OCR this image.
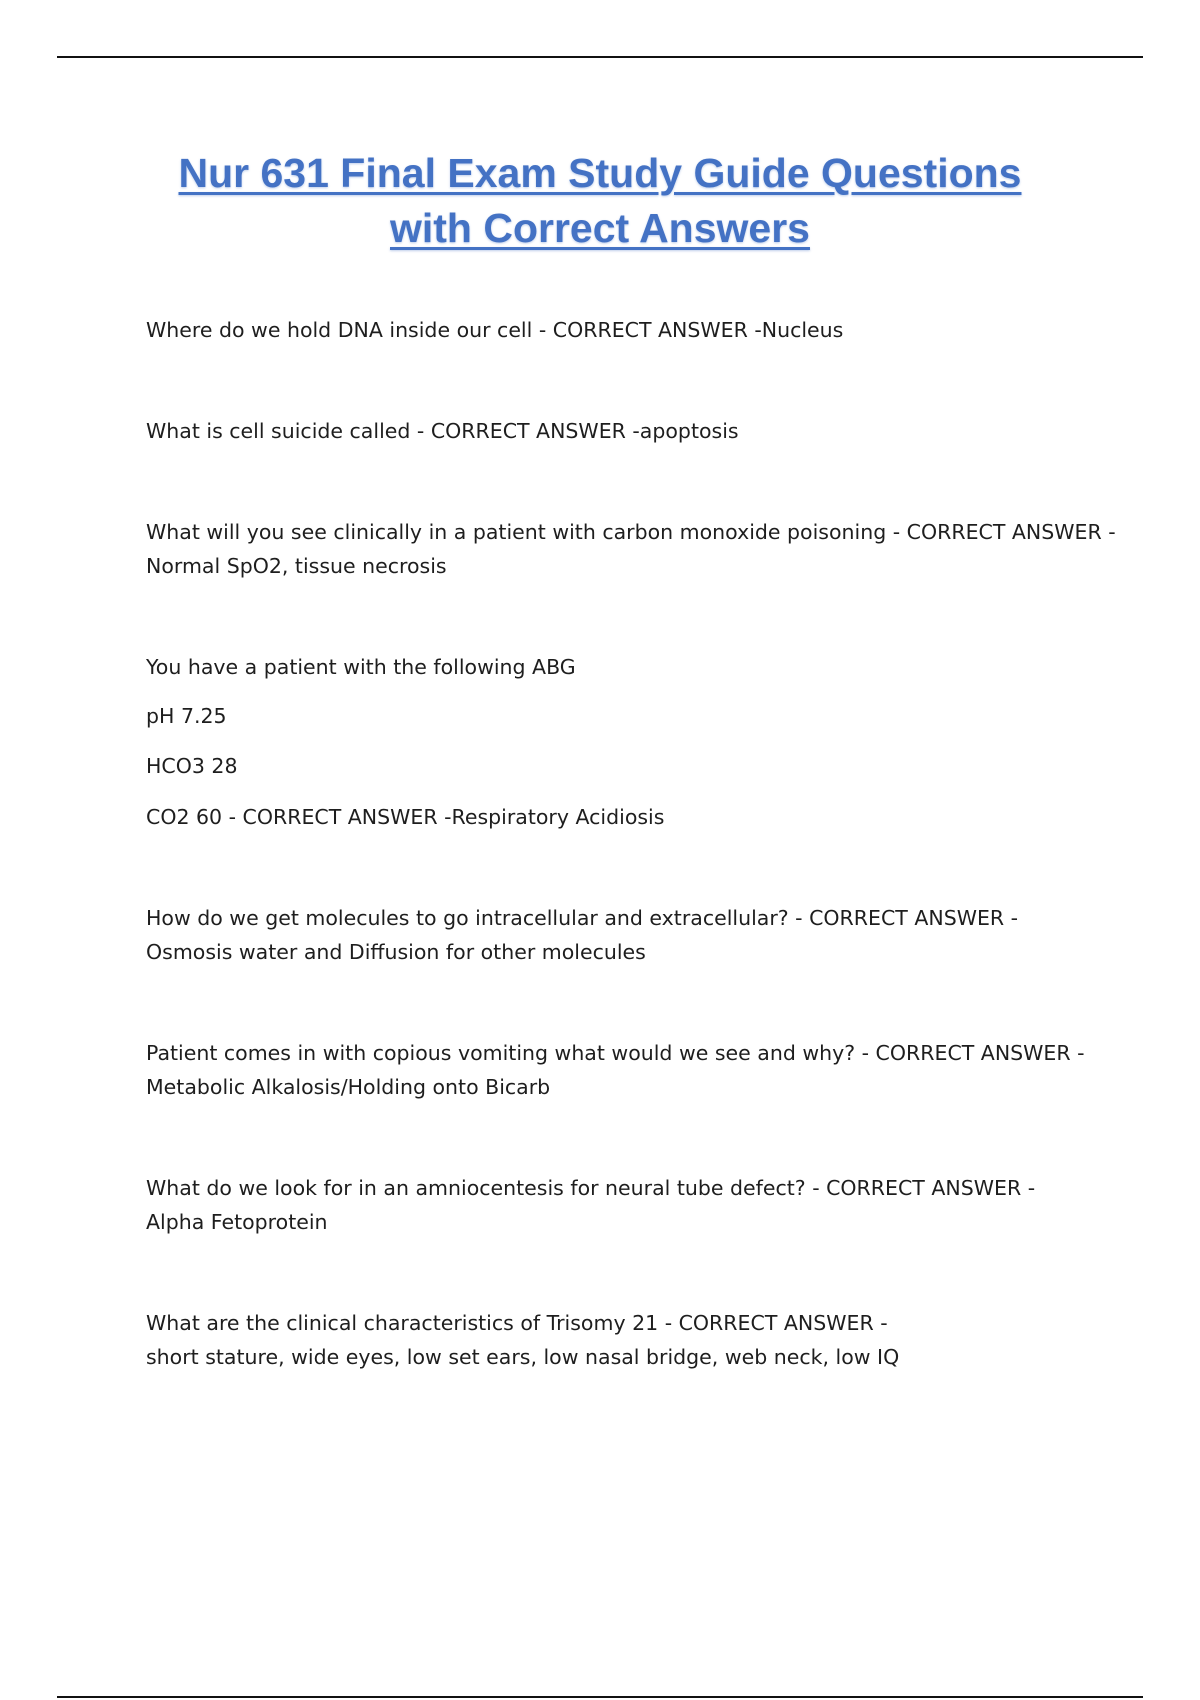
Nur 631 Final Exam Study Guide Questions
with Correct Answers

Where do we hold DNA inside our cell - CORRECT ANSWER -Nucleus

What is cell suicide called - CORRECT ANSWER -apoptosis

What will you see clinically in a patient with carbon monoxide poisoning - CORRECT ANSWER -

Normal SpO2, tissue necrosis

You have a patient with the following ABG

pH 7.25

HCO3 28

CO2 60 - CORRECT ANSWER -Respiratory Acidiosis

How do we get molecules to go intracellular and extracellular? - CORRECT ANSWER -

Osmosis water and Diffusion for other molecules

Patient comes in with copious vomiting what would we see and why? - CORRECT ANSWER -

Metabolic Alkalosis/Holding onto Bicarb

What do we look for in an amniocentesis for neural tube defect? - CORRECT ANSWER -

Alpha Fetoprotein

What are the clinical characteristics of Trisomy 21 - CORRECT ANSWER -

short stature, wide eyes, low set ears, low nasal bridge, web neck, low IQ
